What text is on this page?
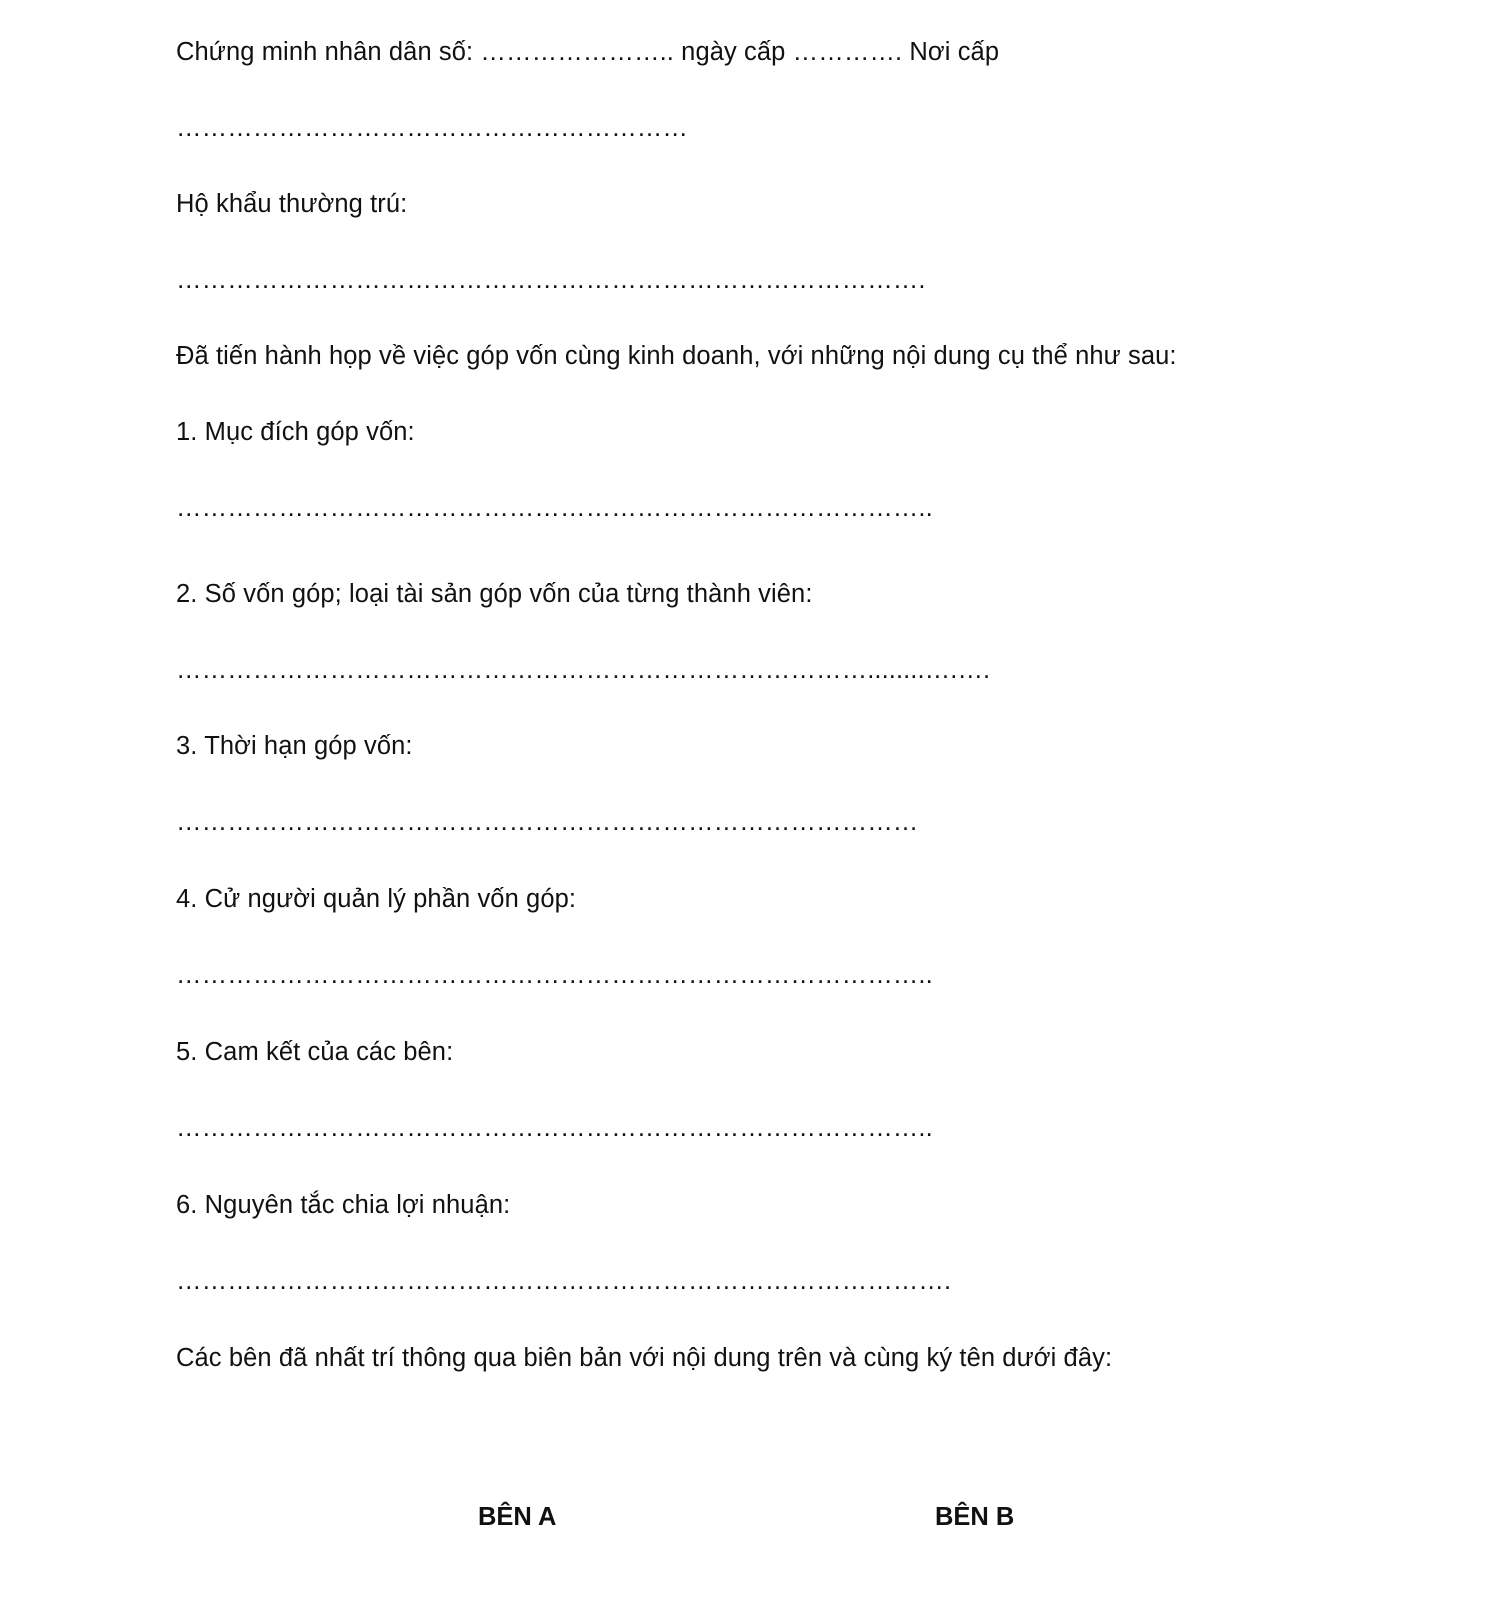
Chứng minh nhân dân số: ………………….. ngày cấp …………. Nơi cấp
……………………………………………………
Hộ khẩu thường trú:
…………………………………………………………………………….
Đã tiến hành họp về việc góp vốn cùng kinh doanh, với những nội dung cụ thể như sau:
1. Mục đích góp vốn:
……………………………………………………………………………..
2. Số vốn góp; loại tài sản góp vốn của từng thành viên:
………………………………………………………………………........….….
3. Thời hạn góp vốn:
……………………………………………………………………………
4. Cử người quản lý phần vốn góp:
……………………………………………………………………………..
5. Cam kết của các bên:
……………………………………………………………………………..
6. Nguyên tắc chia lợi nhuận:
……………………………………………………………………………….
Các bên đã nhất trí thông qua biên bản với nội dung trên và cùng ký tên dưới đây:
BÊN A	BÊN B
